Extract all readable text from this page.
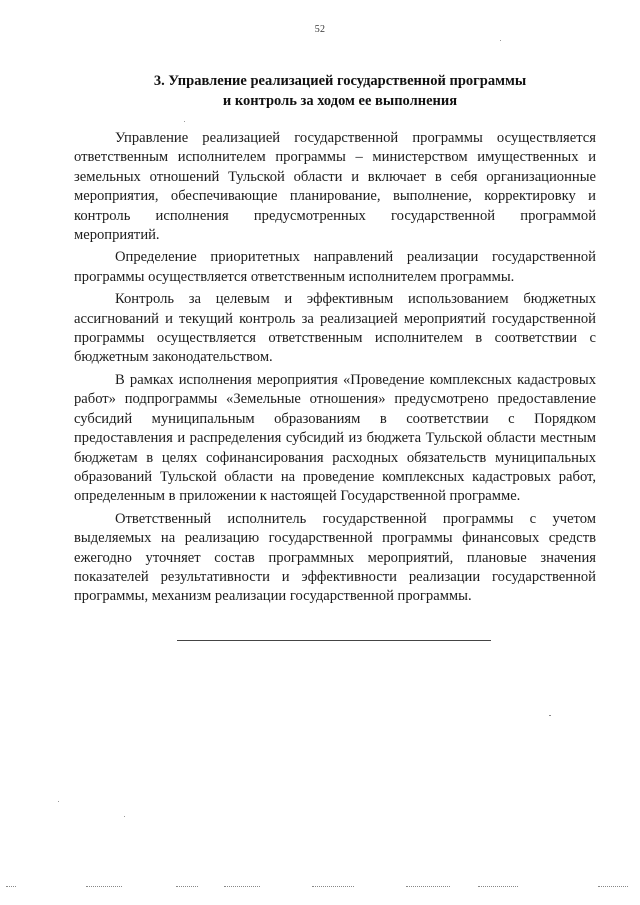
52
3. Управление реализацией государственной программы
и контроль за ходом ее выполнения

Управление реализацией государственной программы осуществляется ответственным исполнителем программы – министерством имущественных и земельных отношений Тульской области и включает в себя организационные мероприятия, обеспечивающие планирование, выполнение, корректировку и контроль исполнения предусмотренных государственной программой мероприятий.

Определение приоритетных направлений реализации государственной программы осуществляется ответственным исполнителем программы.

Контроль за целевым и эффективным использованием бюджетных ассигнований и текущий контроль за реализацией мероприятий государственной программы осуществляется ответственным исполнителем в соответствии с бюджетным законодательством.

В рамках исполнения мероприятия «Проведение комплексных кадастровых работ» подпрограммы «Земельные отношения» предусмотрено предоставление субсидий муниципальным образованиям в соответствии с Порядком предоставления и распределения субсидий из бюджета Тульской области местным бюджетам в целях софинансирования расходных обязательств муниципальных образований Тульской области на проведение комплексных кадастровых работ, определенным в приложении к настоящей Государственной программе.

Ответственный исполнитель государственной программы с учетом выделяемых на реализацию государственной программы финансовых средств ежегодно уточняет состав программных мероприятий, плановые значения показателей результативности и эффективности реализации государственной программы, механизм реализации государственной программы.
